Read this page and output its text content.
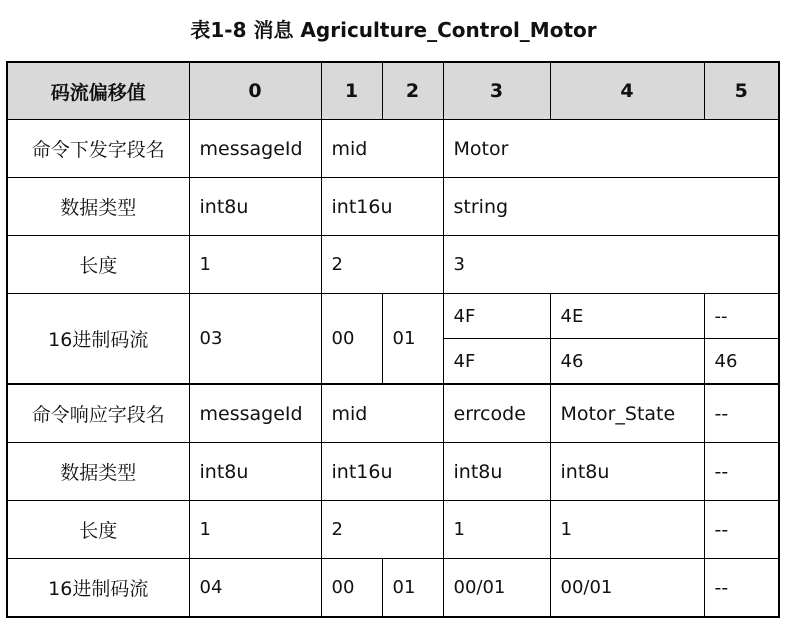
表1-8 消息 Agriculture_Control_Motor
码流偏移值	0	1	2	3	4	5
命令下发字段名	messageId	mid		Motor		
数据类型	int8u	int16u		string		
长度	1	2		3		
16进制码流	03	00	01	4F	4E	--
				4F	46	46
命令响应字段名	messageId	mid		errcode	Motor_State	--
数据类型	int8u	int16u		int8u	int8u	--
长度	1	2		1	1	--
16进制码流	04	00	01	00/01	00/01	--
